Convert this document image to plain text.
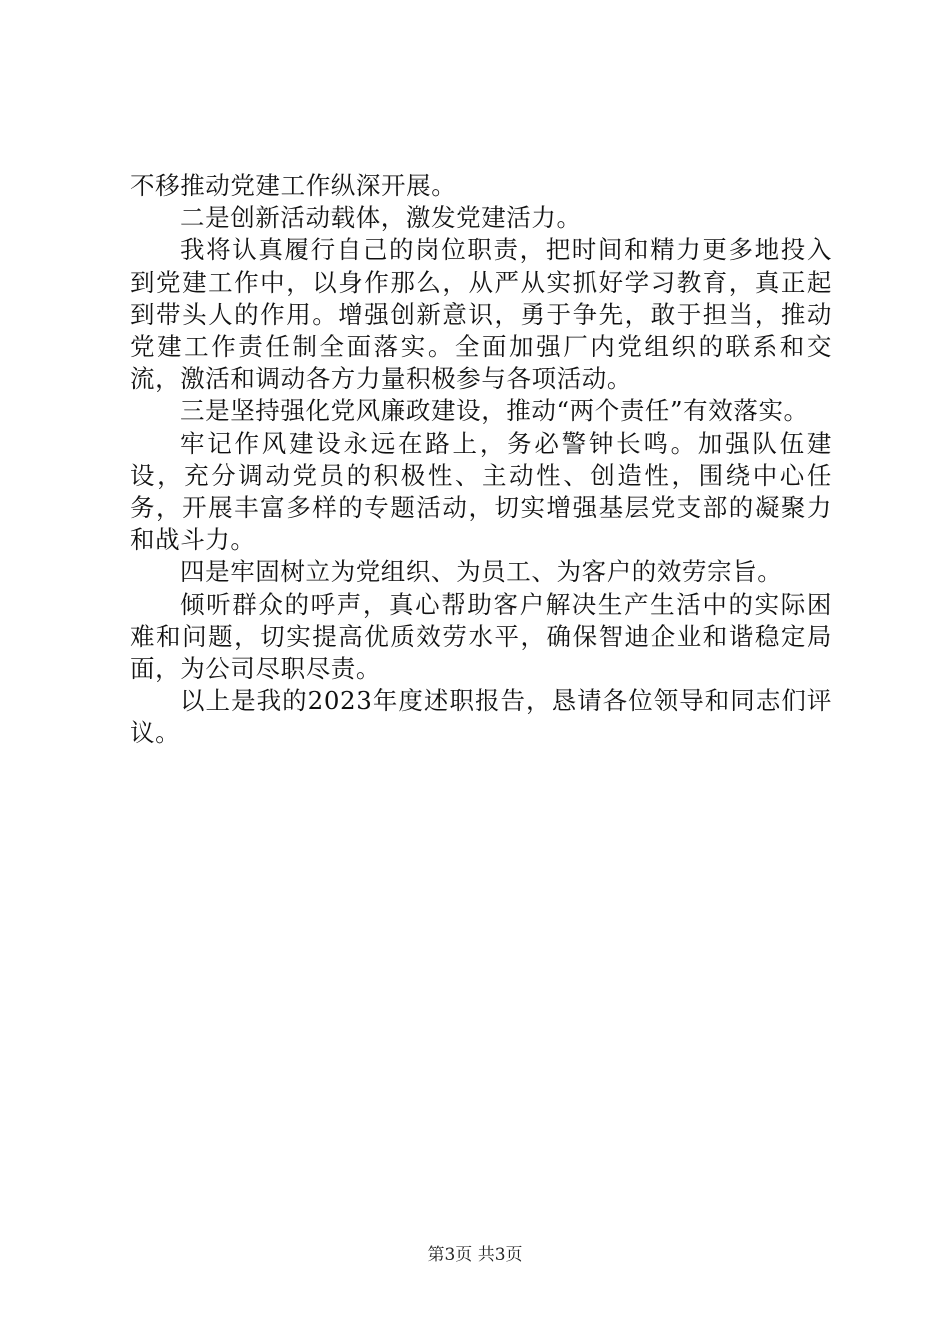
不移推动党建工作纵深开展。

二是创新活动载体，激发党建活力。

我将认真履行自己的岗位职责，把时间和精力更多地投入到党建工作中，以身作那么，从严从实抓好学习教育，真正起到带头人的作用。增强创新意识，勇于争先，敢于担当，推动党建工作责任制全面落实。全面加强厂内党组织的联系和交流，激活和调动各方力量积极参与各项活动。

三是坚持强化党风廉政建设，推动“两个责任”有效落实。

牢记作风建设永远在路上，务必警钟长鸣。加强队伍建设，充分调动党员的积极性、主动性、创造性，围绕中心任务，开展丰富多样的专题活动，切实增强基层党支部的凝聚力和战斗力。

四是牢固树立为党组织、为员工、为客户的效劳宗旨。

倾听群众的呼声，真心帮助客户解决生产生活中的实际困难和问题，切实提高优质效劳水平，确保智迪企业和谐稳定局面，为公司尽职尽责。

以上是我的2023年度述职报告，恳请各位领导和同志们评议。

第3页 共3页
